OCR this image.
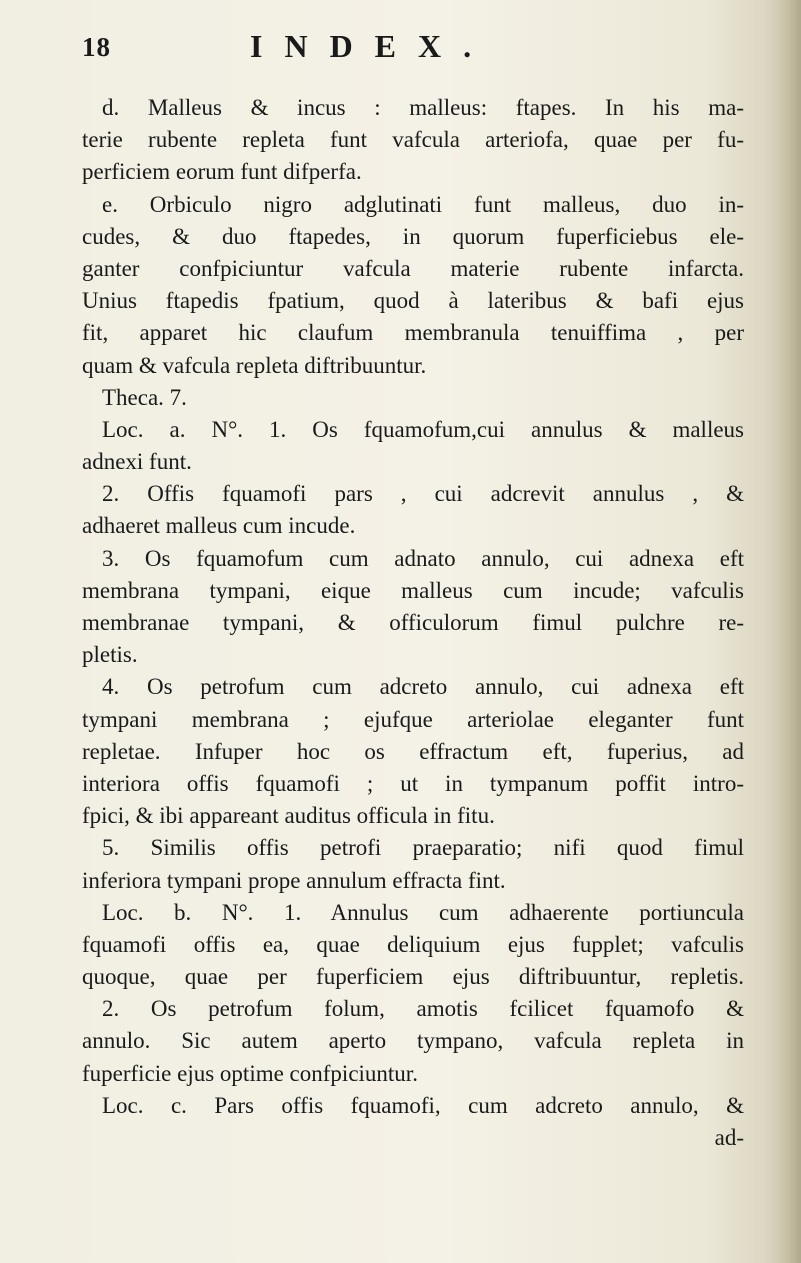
18	INDEX.
d. Malleus & incus : malleus: ftapes. In his ma-
terie rubente repleta funt vafcula arteriofa, quae per fu-
perficiem eorum funt difperfa.
e. Orbiculo nigro adglutinati funt malleus, duo in-
cudes, & duo ftapedes, in quorum fuperficiebus ele-
ganter confpiciuntur vafcula materie rubente infarcta.
Unius ftapedis fpatium, quod à lateribus & bafi ejus
fit, apparet hic claufum membranula tenuiffima , per
quam & vafcula repleta diftribuuntur.
Theca. 7.
Loc. a. N°. 1. Os fquamofum,cui annulus & malleus
adnexi funt.
2. Offis fquamofi pars , cui adcrevit annulus , &
adhaeret malleus cum incude.
3. Os fquamofum cum adnato annulo, cui adnexa eft
membrana tympani, eique malleus cum incude; vafculis
membranae tympani, & officulorum fimul pulchre re-
pletis.
4. Os petrofum cum adcreto annulo, cui adnexa eft
tympani membrana ; ejufque arteriolae eleganter funt
repletae. Infuper hoc os effractum eft, fuperius, ad
interiora offis fquamofi ; ut in tympanum poffit intro-
fpici, & ibi appareant auditus officula in fitu.
5. Similis offis petrofi praeparatio; nifi quod fimul
inferiora tympani prope annulum effracta fint.
Loc. b. N°. 1. Annulus cum adhaerente portiuncula
fquamofi offis ea, quae deliquium ejus fupplet; vafculis
quoque, quae per fuperficiem ejus diftribuuntur, repletis.
2. Os petrofum folum, amotis fcilicet fquamofo &
annulo. Sic autem aperto tympano, vafcula repleta in
fuperficie ejus optime confpiciuntur.
Loc. c. Pars offis fquamofi, cum adcreto annulo, &
ad-
